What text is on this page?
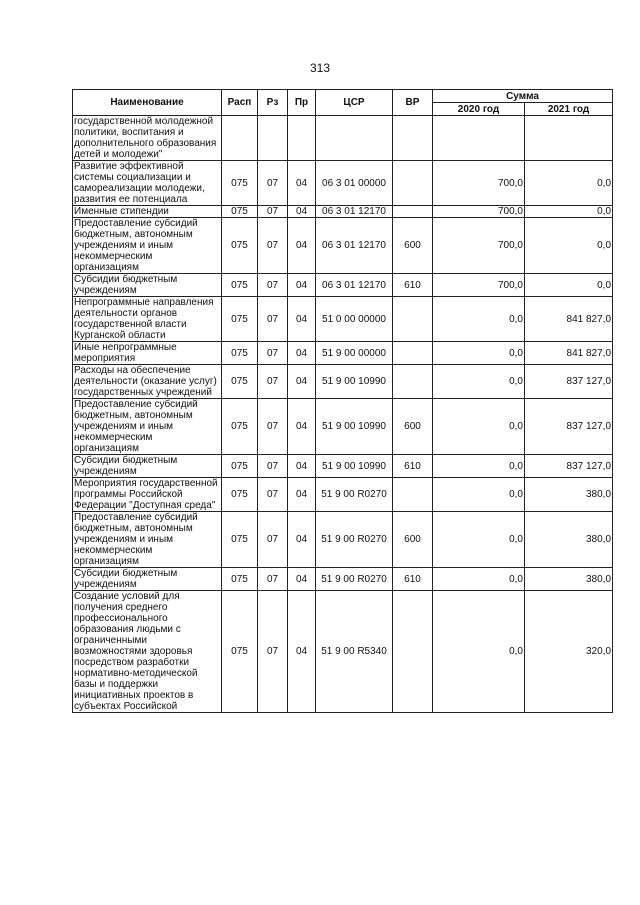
313
Наименование	Расп	Рз	Пр	ЦСР	ВР	Сумма	
						2020 год	2021 год
государственной молодежной политики, воспитания и дополнительного образования детей и молодежи"							
Развитие эффективной системы социализации и самореализации молодежи, развития ее потенциала	075	07	04	06 3 01 00000		700,0	0,0
Именные стипендии	075	07	04	06 3 01 12170		700,0	0,0
Предоставление субсидий бюджетным, автономным учреждениям и иным некоммерческим организациям	075	07	04	06 3 01 12170	600	700,0	0,0
Субсидии бюджетным учреждениям	075	07	04	06 3 01 12170	610	700,0	0,0
Непрограммные направления деятельности органов государственной власти Курганской области	075	07	04	51 0 00 00000		0,0	841 827,0
Иные непрограммные мероприятия	075	07	04	51 9 00 00000		0,0	841 827,0
Расходы на обеспечение деятельности (оказание услуг) государственных учреждений	075	07	04	51 9 00 10990		0,0	837 127,0
Предоставление субсидий бюджетным, автономным учреждениям и иным некоммерческим организациям	075	07	04	51 9 00 10990	600	0,0	837 127,0
Субсидии бюджетным учреждениям	075	07	04	51 9 00 10990	610	0,0	837 127,0
Мероприятия государственной программы Российской Федерации "Доступная среда"	075	07	04	51 9 00 R0270		0,0	380,0
Предоставление субсидий бюджетным, автономным учреждениям и иным некоммерческим организациям	075	07	04	51 9 00 R0270	600	0,0	380,0
Субсидии бюджетным учреждениям	075	07	04	51 9 00 R0270	610	0,0	380,0
Создание условий для получения среднего профессионального образования людьми с ограниченными возможностями здоровья посредством разработки нормативно-методической базы и поддержки инициативных проектов в субъектах Российской	075	07	04	51 9 00 R5340		0,0	320,0
